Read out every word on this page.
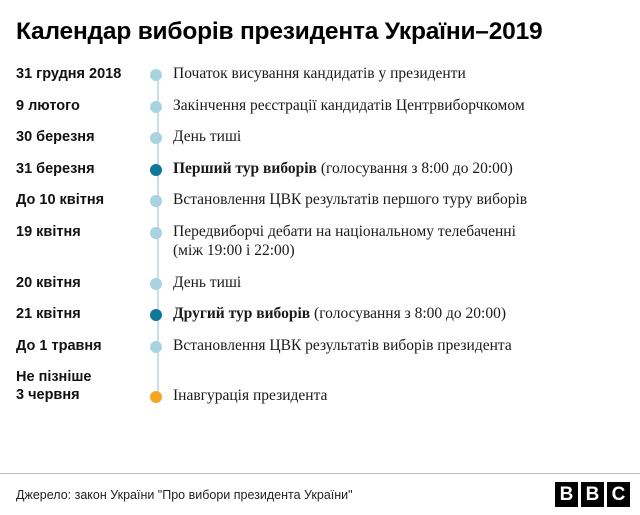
Календар виборів президента України–2019
31 грудня 2018	Початок висування кандидатів у президенти
9 лютого	Закінчення реєстрації кандидатів Центрвиборчкомом
30 березня	День тиші
31 березня	Перший тур виборів (голосування з 8:00 до 20:00)
До 10 квітня	Встановлення ЦВК результатів першого туру виборів
19 квітня	Передвиборчі дебати на національному телебаченні
(між 19:00 і 22:00)
20 квітня	День тиші
21 квітня	Другий тур виборів (голосування з 8:00 до 20:00)
До 1 травня	Встановлення ЦВК результатів виборів президента
Не пізніше
3 червня	Інавгурація президента
Джерело: закон України "Про вибори президента України"	B B C
